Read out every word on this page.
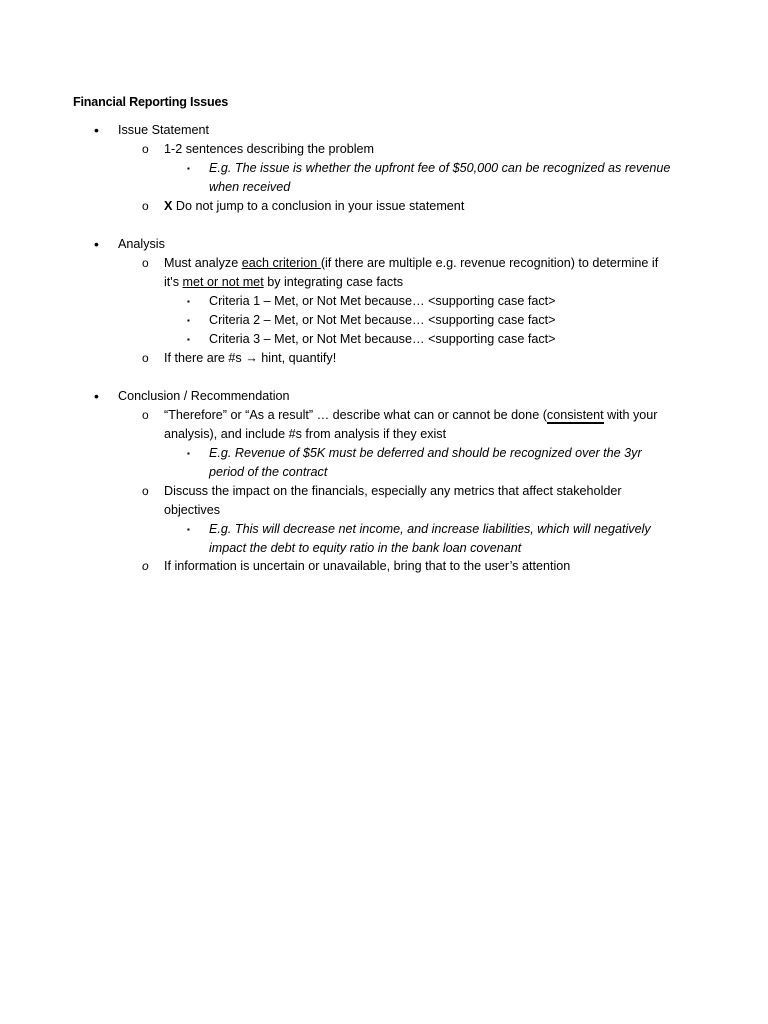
Financial Reporting Issues
• Issue Statement
o 1-2 sentences describing the problem
▪ E.g. The issue is whether the upfront fee of $50,000 can be recognized as revenue when received
o X Do not jump to a conclusion in your issue statement
• Analysis
o Must analyze each criterion (if there are multiple e.g. revenue recognition) to determine if it's met or not met by integrating case facts
▪ Criteria 1 – Met, or Not Met because… <supporting case fact>
▪ Criteria 2 – Met, or Not Met because… <supporting case fact>
▪ Criteria 3 – Met, or Not Met because… <supporting case fact>
o If there are #s → hint, quantify!
• Conclusion / Recommendation
o “Therefore” or “As a result” … describe what can or cannot be done (consistent with your analysis), and include #s from analysis if they exist
▪ E.g. Revenue of $5K must be deferred and should be recognized over the 3yr period of the contract
o Discuss the impact on the financials, especially any metrics that affect stakeholder objectives
▪ E.g. This will decrease net income, and increase liabilities, which will negatively impact the debt to equity ratio in the bank loan covenant
o If information is uncertain or unavailable, bring that to the user’s attention
